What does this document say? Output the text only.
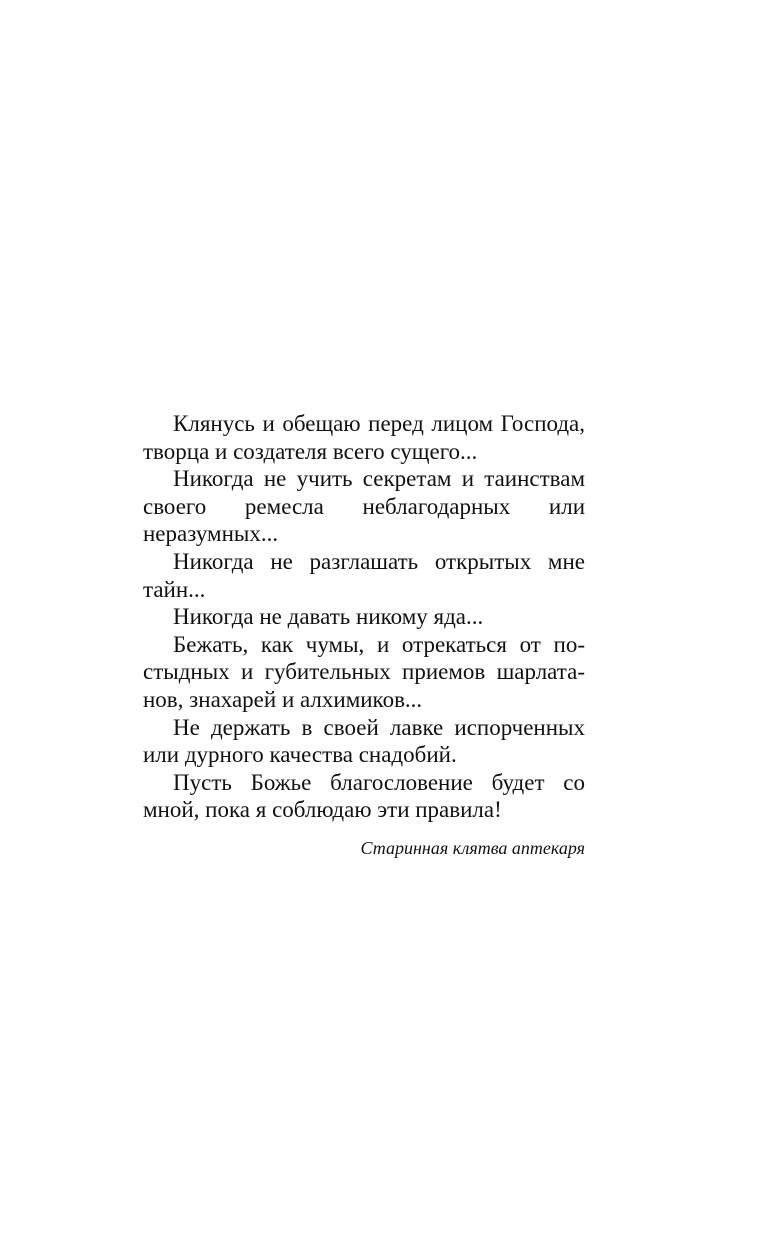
Клянусь и обещаю перед лицом Господа, творца и создателя всего сущего...

Никогда не учить секретам и таинствам своего ремесла неблагодарных или неразумных...

Никогда не разглашать открытых мне тайн...

Никогда не давать никому яда...

Бежать, как чумы, и отрекаться от постыдных и губительных приемов шарлатанов, знахарей и алхимиков...

Не держать в своей лавке испорченных или дурного качества снадобий.

Пусть Божье благословение будет со мной, пока я соблюдаю эти правила!

Старинная клятва аптекаря
